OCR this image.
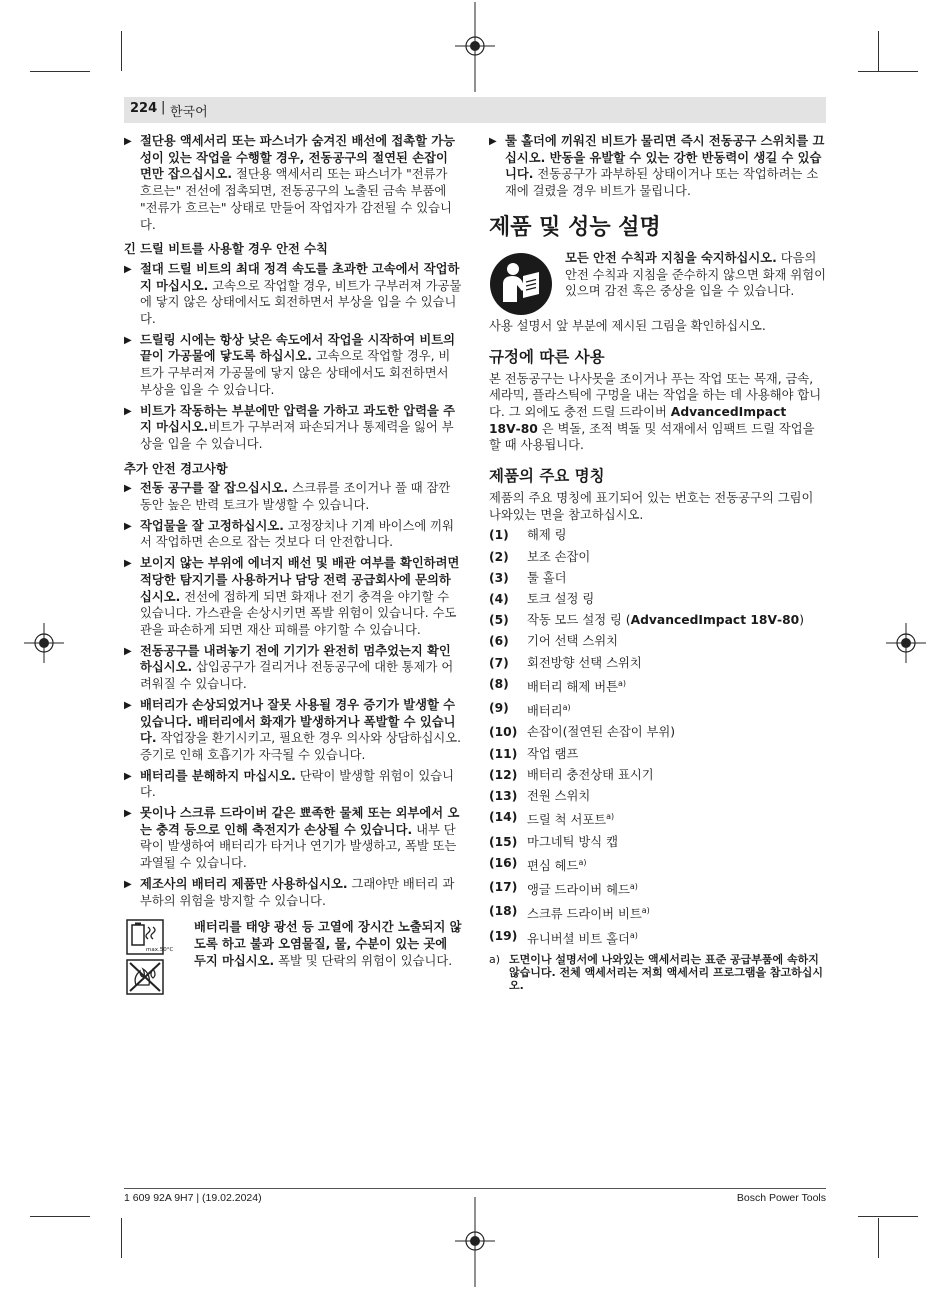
224 | 한국어
▶ 절단용 액세서리 또는 파스너가 숨겨진 배선에 접촉할 가능성이 있는 작업을 수행할 경우, 전동공구의 절연된 손잡이 면만 잡으십시오. 절단용 액세서리 또는 파스너가 "전류가 흐르는" 전선에 접촉되면, 전동공구의 노출된 금속 부품에 "전류가 흐르는" 상태로 만들어 작업자가 감전될 수 있습니다.
긴 드릴 비트를 사용할 경우 안전 수칙
▶ 절대 드릴 비트의 최대 정격 속도를 초과한 고속에서 작업하지 마십시오. 고속으로 작업할 경우, 비트가 구부러져 가공물에 닿지 않은 상태에서도 회전하면서 부상을 입을 수 있습니다.
▶ 드릴링 시에는 항상 낮은 속도에서 작업을 시작하여 비트의 끝이 가공물에 닿도록 하십시오. 고속으로 작업할 경우, 비트가 구부러져 가공물에 닿지 않은 상태에서도 회전하면서 부상을 입을 수 있습니다.
▶ 비트가 작동하는 부분에만 압력을 가하고 과도한 압력을 주지 마십시오.비트가 구부러져 파손되거나 통제력을 잃어 부상을 입을 수 있습니다.
추가 안전 경고사항
▶ 전동 공구를 잘 잡으십시오. 스크류를 조이거나 풀 때 잠깐 동안 높은 반력 토크가 발생할 수 있습니다.
▶ 작업물을 잘 고정하십시오. 고정장치나 기계 바이스에 끼워서 작업하면 손으로 잡는 것보다 더 안전합니다.
▶ 보이지 않는 부위에 에너지 배선 및 배관 여부를 확인하려면 적당한 탐지기를 사용하거나 담당 전력 공급회사에 문의하십시오. 전선에 접하게 되면 화재나 전기 충격을 야기할 수 있습니다. 가스관을 손상시키면 폭발 위험이 있습니다. 수도관을 파손하게 되면 재산 피해를 야기할 수 있습니다.
▶ 전동공구를 내려놓기 전에 기기가 완전히 멈추었는지 확인하십시오. 삽입공구가 걸리거나 전동공구에 대한 통제가 어려워질 수 있습니다.
▶ 배터리가 손상되었거나 잘못 사용될 경우 증기가 발생할 수 있습니다. 배터리에서 화재가 발생하거나 폭발할 수 있습니다. 작업장을 환기시키고, 필요한 경우 의사와 상담하십시오. 증기로 인해 호흡기가 자극될 수 있습니다.
▶ 배터리를 분해하지 마십시오. 단락이 발생할 위험이 있습니다.
▶ 못이나 스크류 드라이버 같은 뾰족한 물체 또는 외부에서 오는 충격 등으로 인해 축전지가 손상될 수 있습니다. 내부 단락이 발생하여 배터리가 타거나 연기가 발생하고, 폭발 또는 과열될 수 있습니다.
▶ 제조사의 배터리 제품만 사용하십시오. 그래야만 배터리 과부하의 위험을 방지할 수 있습니다.
max.50°C
배터리를 태양 광선 등 고열에 장시간 노출되지 않도록 하고 불과 오염물질, 물, 수분이 있는 곳에 두지 마십시오. 폭발 및 단락의 위험이 있습니다.
▶ 툴 홀더에 끼워진 비트가 물리면 즉시 전동공구 스위치를 끄십시오. 반동을 유발할 수 있는 강한 반동력이 생길 수 있습니다. 전동공구가 과부하된 상태이거나 또는 작업하려는 소재에 걸렸을 경우 비트가 물립니다.
제품 및 성능 설명
모든 안전 수칙과 지침을 숙지하십시오. 다음의 안전 수칙과 지침을 준수하지 않으면 화재 위험이 있으며 감전 혹은 중상을 입을 수 있습니다.
사용 설명서 앞 부분에 제시된 그림을 확인하십시오.
규정에 따른 사용
본 전동공구는 나사못을 조이거나 푸는 작업 또는 목재, 금속, 세라믹, 플라스틱에 구멍을 내는 작업을 하는 데 사용해야 합니다. 그 외에도 충전 드릴 드라이버 AdvancedImpact 18V‑80 은 벽돌, 조적 벽돌 및 석재에서 임팩트 드릴 작업을 할 때 사용됩니다.
제품의 주요 명칭
제품의 주요 명칭에 표기되어 있는 번호는 전동공구의 그림이 나와있는 면을 참고하십시오.
(1) 해제 링
(2) 보조 손잡이
(3) 툴 홀더
(4) 토크 설정 링
(5) 작동 모드 설정 링 (AdvancedImpact 18V‑80)
(6) 기어 선택 스위치
(7) 회전방향 선택 스위치
(8) 배터리 해제 버튼$^{a)}$
(9) 배터리$^{a)}$
(10) 손잡이(절연된 손잡이 부위)
(11) 작업 램프
(12) 배터리 충전상태 표시기
(13) 전원 스위치
(14) 드릴 척 서포트$^{a)}$
(15) 마그네틱 방식 캡
(16) 편심 헤드$^{a)}$
(17) 앵글 드라이버 헤드$^{a)}$
(18) 스크류 드라이버 비트$^{a)}$
(19) 유니버셜 비트 홀더$^{a)}$
a) 도면이나 설명서에 나와있는 액세서리는 표준 공급부품에 속하지 않습니다. 전체 액세서리는 저희 액세서리 프로그램을 참고하십시오.
1 609 92A 9H7 | (19.02.2024)	Bosch Power Tools
